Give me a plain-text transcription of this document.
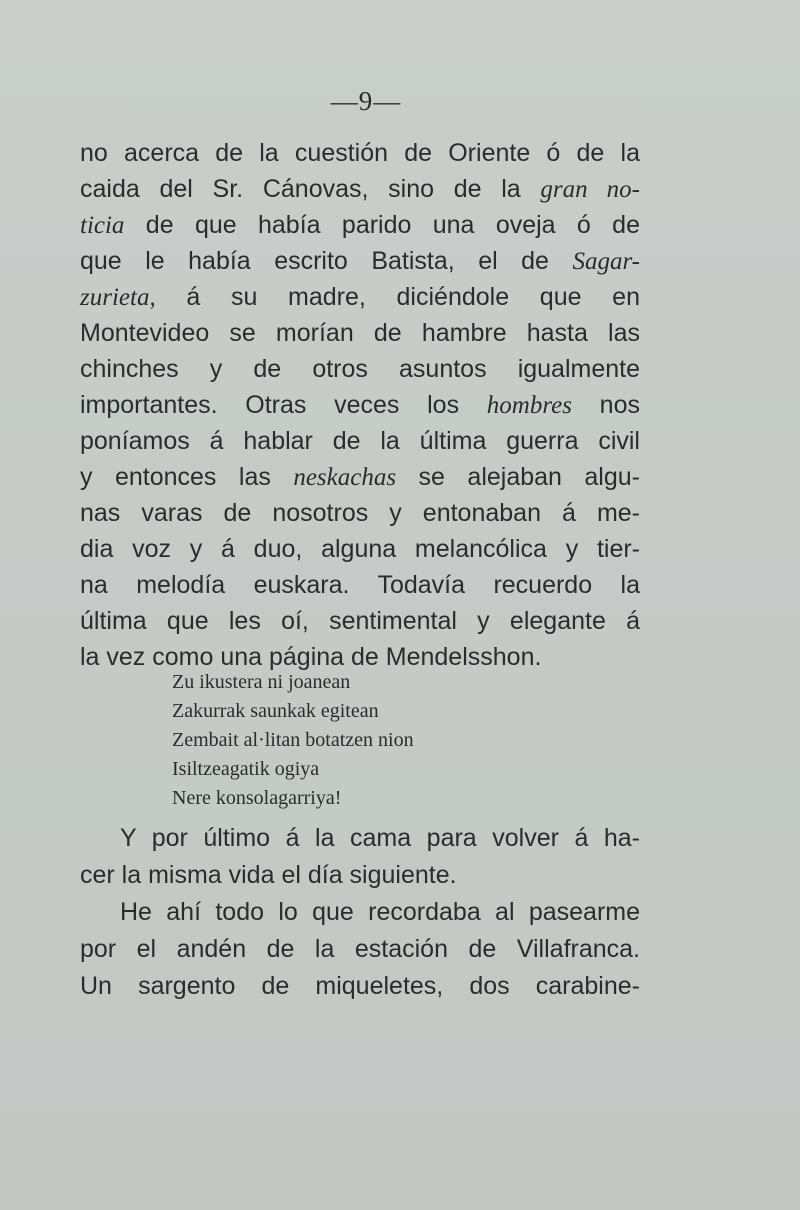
—9—
no acerca de la cuestión de Oriente ó de la
caida del Sr. Cánovas, sino de la gran no-
ticia de que había parido una oveja ó de
que le había escrito Batista, el de Sagar-
zurieta, á su madre, diciéndole que en
Montevideo se morían de hambre hasta las
chinches y de otros asuntos igualmente
importantes. Otras veces los hombres nos
poníamos á hablar de la última guerra civil
y entonces las neskachas se alejaban algu-
nas varas de nosotros y entonaban á me-
dia voz y á duo, alguna melancólica y tier-
na melodía euskara. Todavía recuerdo la
última que les oí, sentimental y elegante á
la vez como una página de Mendelsshon.
Zu ikustera ni joanean
Zakurrak saunkak egitean
Zembait al·litan botatzen nion
Isiltzeagatik ogiya
Nere konsolagarriya!
Y por último á la cama para volver á ha-
cer la misma vida el día siguiente.
He ahí todo lo que recordaba al pasearme
por el andén de la estación de Villafranca.
Un sargento de miqueletes, dos carabine-
